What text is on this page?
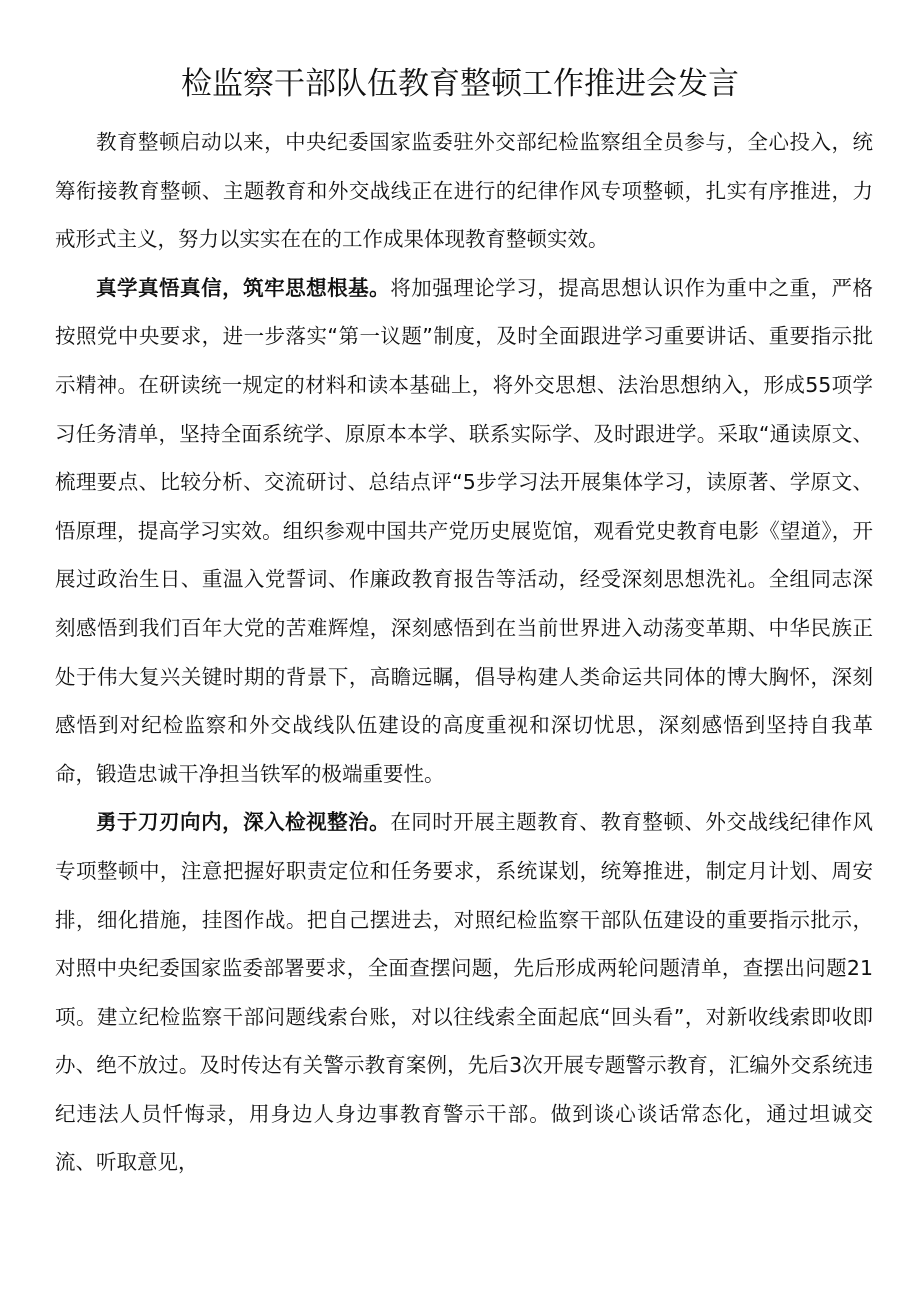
检监察干部队伍教育整顿工作推进会发言

教育整顿启动以来，中央纪委国家监委驻外交部纪检监察组全员参与，全心投入，统筹衔接教育整顿、主题教育和外交战线正在进行的纪律作风专项整顿，扎实有序推进，力戒形式主义，努力以实实在在的工作成果体现教育整顿实效。

真学真悟真信，筑牢思想根基。将加强理论学习，提高思想认识作为重中之重，严格按照党中央要求，进一步落实“第一议题”制度，及时全面跟进学习重要讲话、重要指示批示精神。在研读统一规定的材料和读本基础上，将外交思想、法治思想纳入，形成55项学习任务清单，坚持全面系统学、原原本本学、联系实际学、及时跟进学。采取“通读原文、梳理要点、比较分析、交流研讨、总结点评“5步学习法开展集体学习，读原著、学原文、悟原理，提高学习实效。组织参观中国共产党历史展览馆，观看党史教育电影《望道》，开展过政治生日、重温入党誓词、作廉政教育报告等活动，经受深刻思想洗礼。全组同志深刻感悟到我们百年大党的苦难辉煌，深刻感悟到在当前世界进入动荡变革期、中华民族正处于伟大复兴关键时期的背景下，高瞻远瞩，倡导构建人类命运共同体的博大胸怀，深刻感悟到对纪检监察和外交战线队伍建设的高度重视和深切忧思，深刻感悟到坚持自我革命，锻造忠诚干净担当铁军的极端重要性。

勇于刀刃向内，深入检视整治。在同时开展主题教育、教育整顿、外交战线纪律作风专项整顿中，注意把握好职责定位和任务要求，系统谋划，统筹推进，制定月计划、周安排，细化措施，挂图作战。把自己摆进去，对照纪检监察干部队伍建设的重要指示批示，对照中央纪委国家监委部署要求，全面查摆问题，先后形成两轮问题清单，查摆出问题21项。建立纪检监察干部问题线索台账，对以往线索全面起底“回头看”，对新收线索即收即办、绝不放过。及时传达有关警示教育案例，先后3次开展专题警示教育，汇编外交系统违纪违法人员忏悔录，用身边人身边事教育警示干部。做到谈心谈话常态化，通过坦诚交流、听取意见，
